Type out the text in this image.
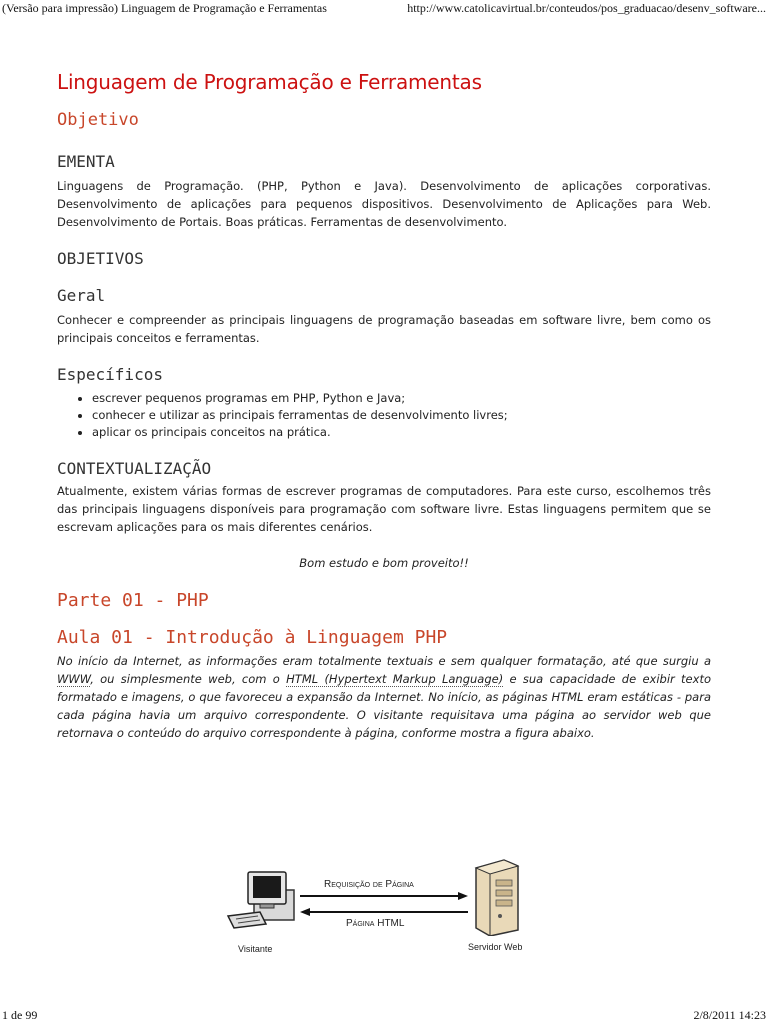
(Versão para impressão) Linguagem de Programação e Ferramentas	http://www.catolicavirtual.br/conteudos/pos_graduacao/desenv_software...
Linguagem de Programação e Ferramentas
Objetivo
EMENTA

Linguagens de Programação. (PHP, Python e Java). Desenvolvimento de aplicações corporativas. Desenvolvimento de aplicações para pequenos dispositivos. Desenvolvimento de Aplicações para Web. Desenvolvimento de Portais. Boas práticas. Ferramentas de desenvolvimento.

OBJETIVOS
Geral

Conhecer e compreender as principais linguagens de programação baseadas em software livre, bem como os principais conceitos e ferramentas.

Específicos
• escrever pequenos programas em PHP, Python e Java;
• conhecer e utilizar as principais ferramentas de desenvolvimento livres;
• aplicar os principais conceitos na prática.
CONTEXTUALIZAÇÃO

Atualmente, existem várias formas de escrever programas de computadores. Para este curso, escolhemos três das principais linguagens disponíveis para programação com software livre. Estas linguagens permitem que se escrevam aplicações para os mais diferentes cenários.

Bom estudo e bom proveito!!
Parte 01 - PHP
Aula 01 - Introdução à Linguagem PHP

No início da Internet, as informações eram totalmente textuais e sem qualquer formatação, até que surgiu a WWW, ou simplesmente web, com o HTML (Hypertext Markup Language) e sua capacidade de exibir texto formatado e imagens, o que favoreceu a expansão da Internet. No início, as páginas HTML eram estáticas - para cada página havia um arquivo correspondente. O visitante requisitava uma página ao servidor web que retornava o conteúdo do arquivo correspondente à página, conforme mostra a figura abaixo.

Requisição de Página
Página HTML
Visitante	Servidor Web
1 de 99	2/8/2011 14:23
